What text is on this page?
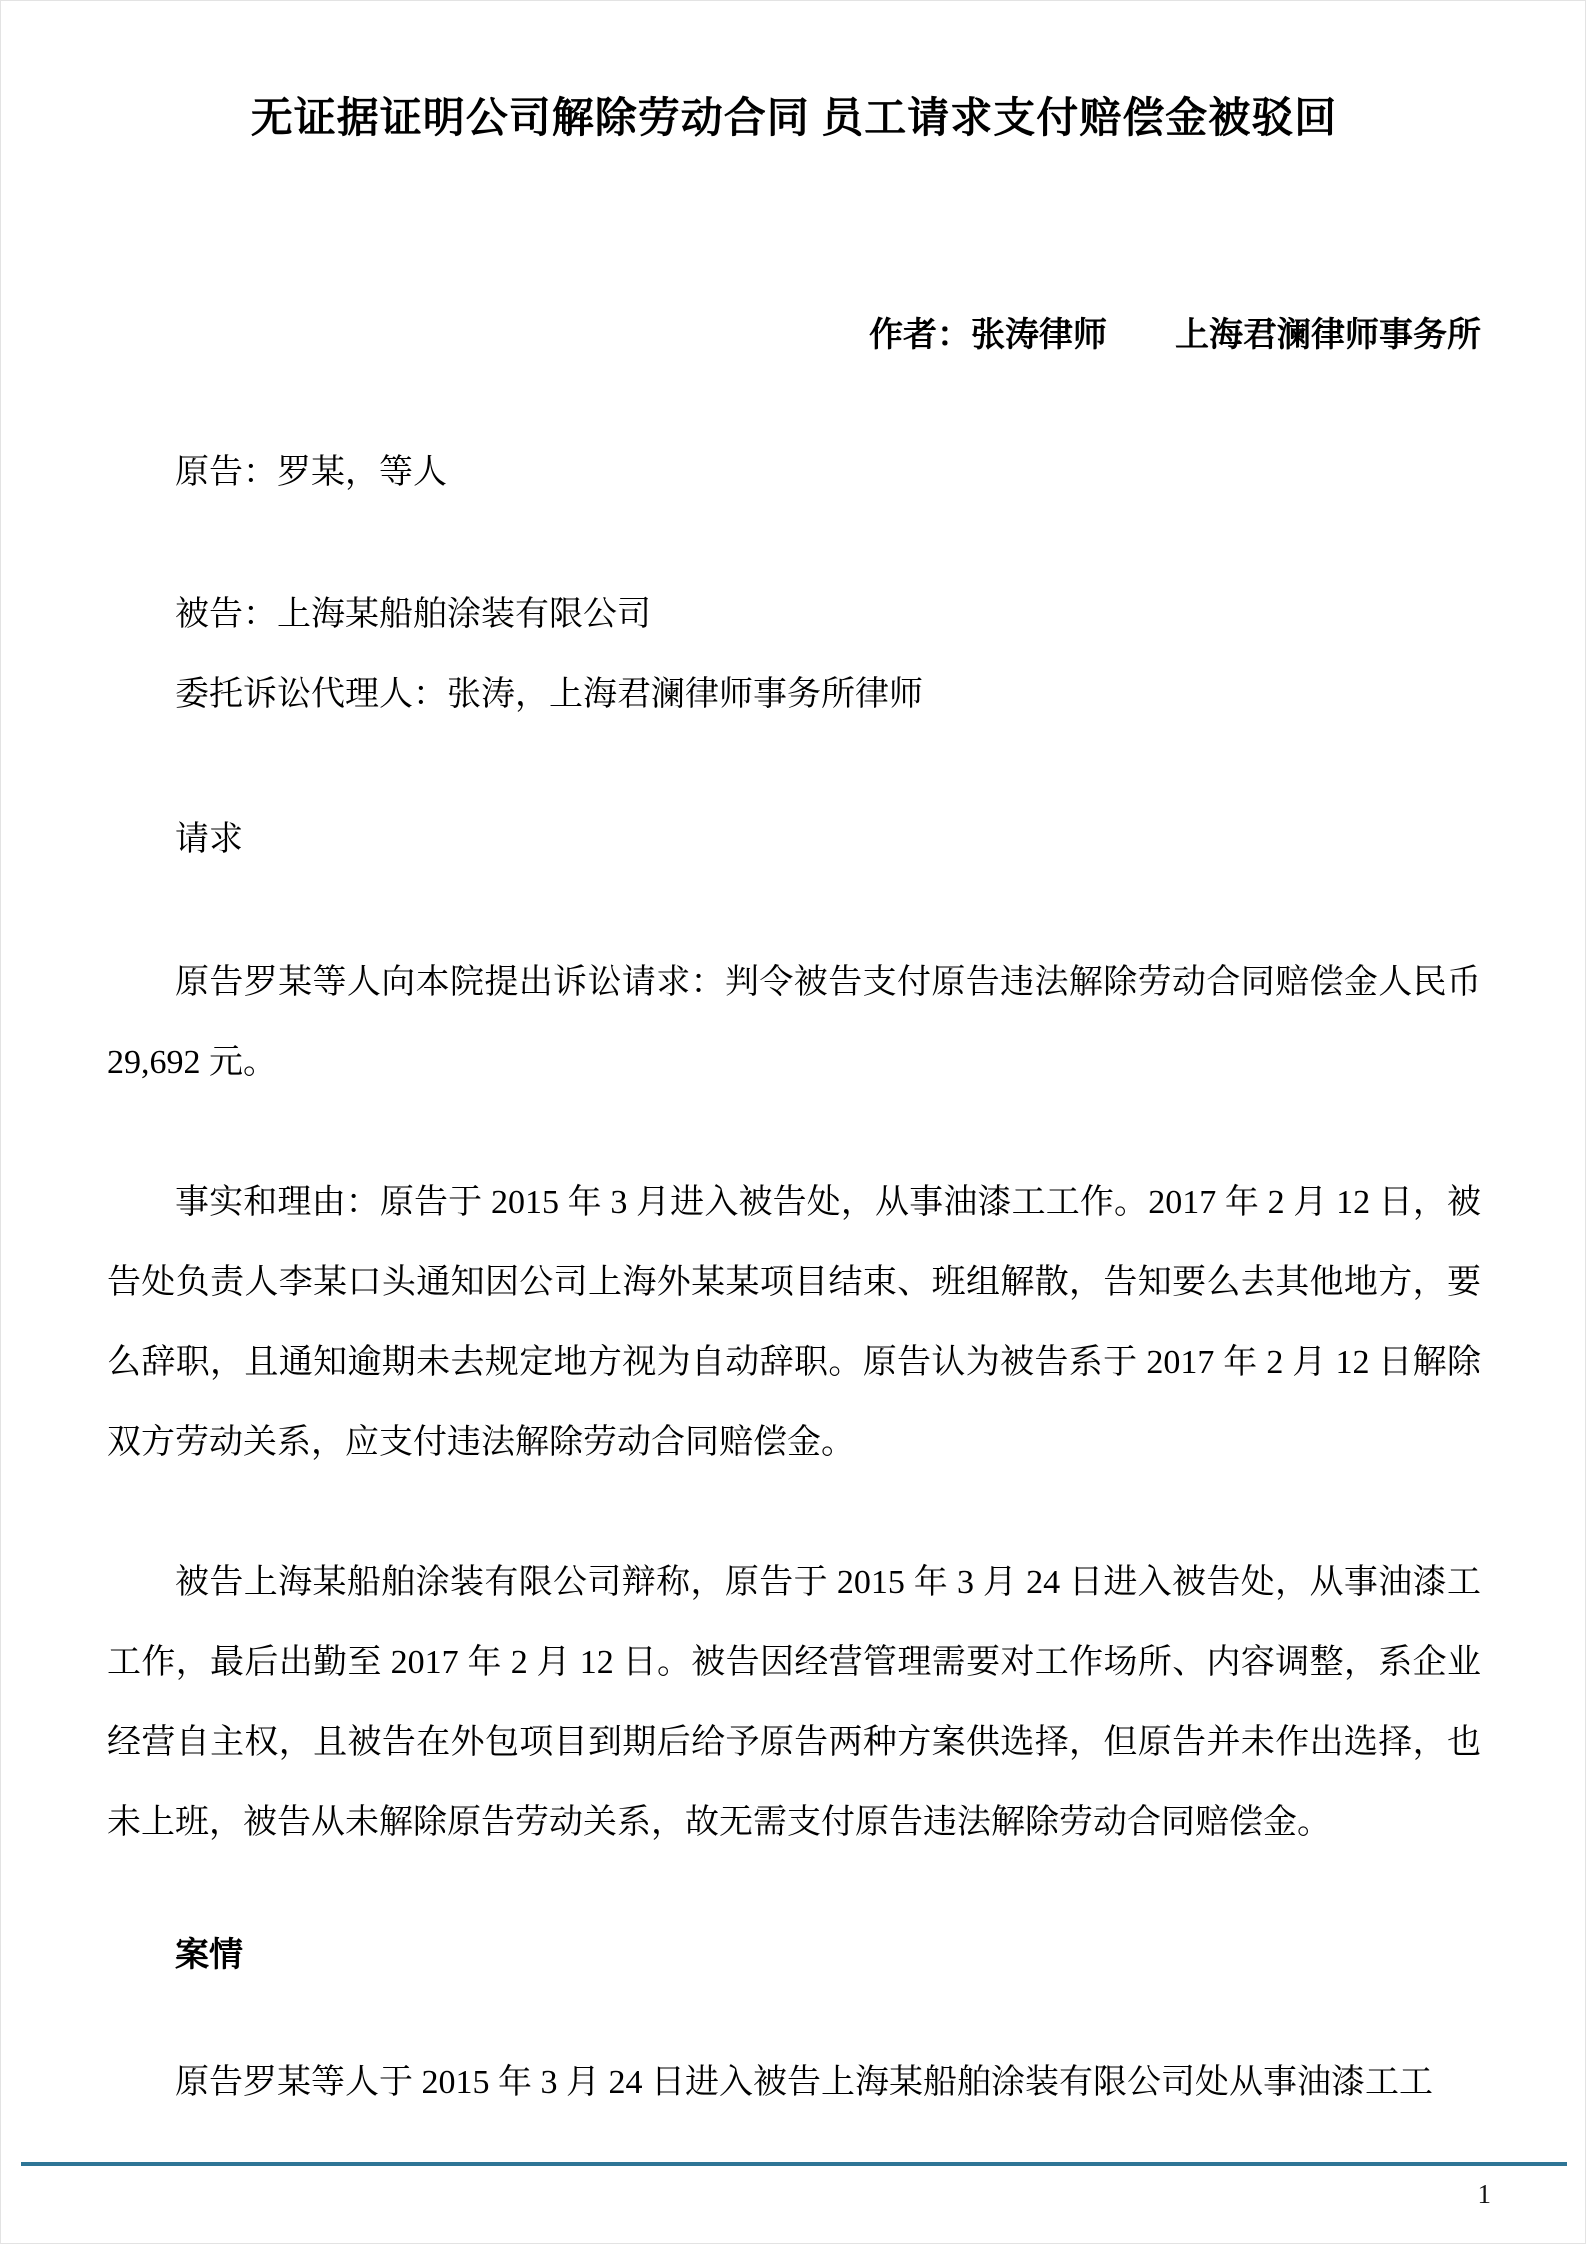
无证据证明公司解除劳动合同 员工请求支付赔偿金被驳回
作者：张涛律师　　上海君澜律师事务所
原告：罗某，等人
被告：上海某船舶涂装有限公司
委托诉讼代理人：张涛，上海君澜律师事务所律师
请求
原告罗某等人向本院提出诉讼请求：判令被告支付原告违法解除劳动合同赔偿金人民币 29,692 元。
事实和理由：原告于 2015 年 3 月进入被告处，从事油漆工工作。2017 年 2 月 12 日，被告处负责人李某口头通知因公司上海外某某项目结束、班组解散，告知要么去其他地方，要么辞职，且通知逾期未去规定地方视为自动辞职。原告认为被告系于 2017 年 2 月 12 日解除双方劳动关系，应支付违法解除劳动合同赔偿金。
被告上海某船舶涂装有限公司辩称，原告于 2015 年 3 月 24 日进入被告处，从事油漆工工作，最后出勤至 2017 年 2 月 12 日。被告因经营管理需要对工作场所、内容调整，系企业经营自主权，且被告在外包项目到期后给予原告两种方案供选择，但原告并未作出选择，也未上班，被告从未解除原告劳动关系，故无需支付原告违法解除劳动合同赔偿金。
案情
原告罗某等人于 2015 年 3 月 24 日进入被告上海某船舶涂装有限公司处从事油漆工工
1
